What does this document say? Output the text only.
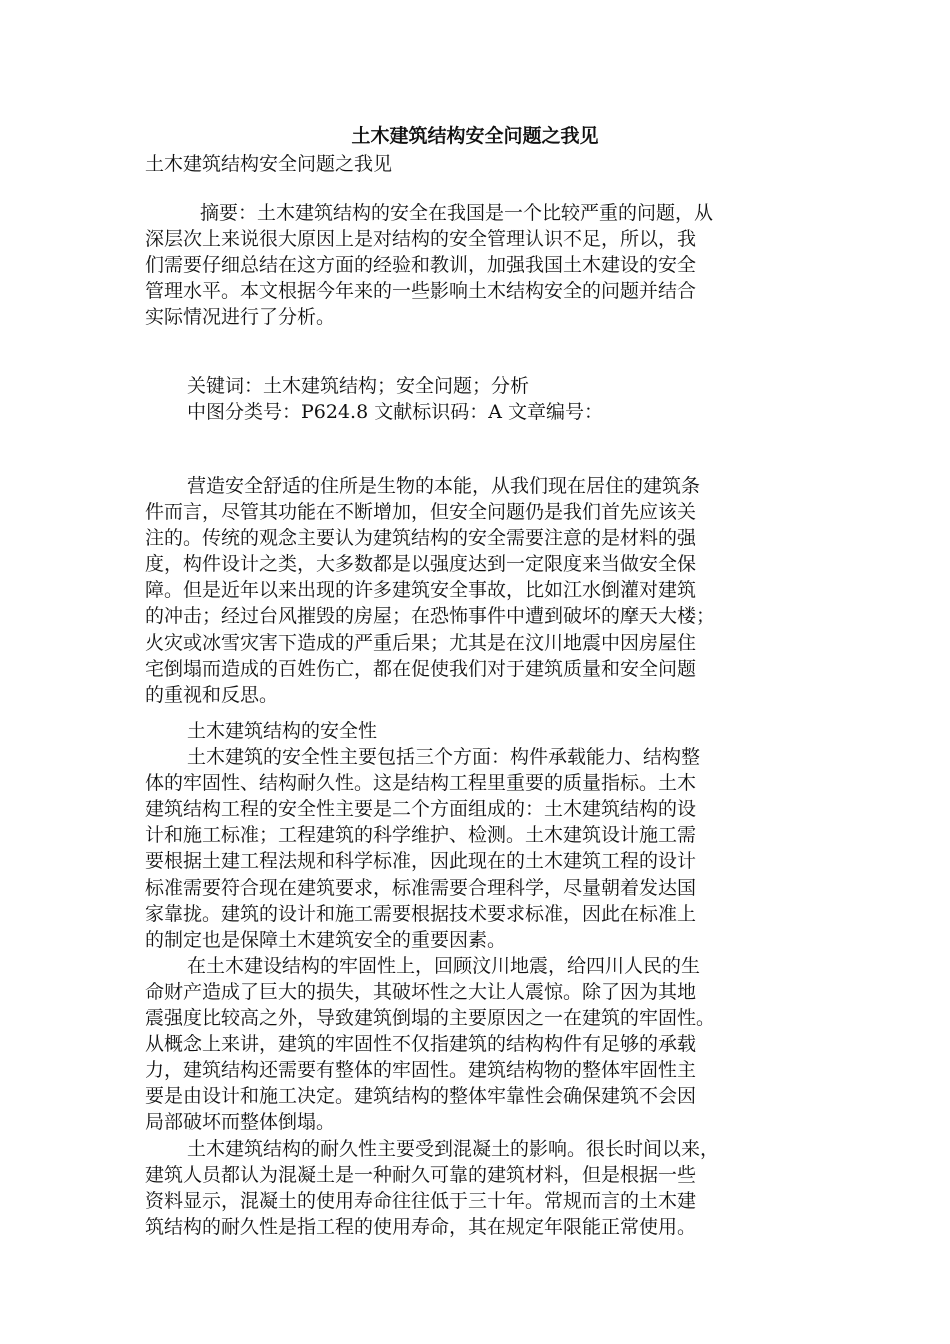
土木建筑结构安全问题之我见
土木建筑结构安全问题之我见
摘要：土木建筑结构的安全在我国是一个比较严重的问题，从
深层次上来说很大原因上是对结构的安全管理认识不足，所以，我
们需要仔细总结在这方面的经验和教训，加强我国土木建设的安全
管理水平。本文根据今年来的一些影响土木结构安全的问题并结合
实际情况进行了分析。
关键词：土木建筑结构；安全问题；分析
中图分类号：P624.8 文献标识码：A 文章编号：
营造安全舒适的住所是生物的本能，从我们现在居住的建筑条
件而言，尽管其功能在不断增加，但安全问题仍是我们首先应该关
注的。传统的观念主要认为建筑结构的安全需要注意的是材料的强
度，构件设计之类，大多数都是以强度达到一定限度来当做安全保
障。但是近年以来出现的许多建筑安全事故，比如江水倒灌对建筑
的冲击；经过台风摧毁的房屋；在恐怖事件中遭到破坏的摩天大楼；
火灾或冰雪灾害下造成的严重后果；尤其是在汶川地震中因房屋住
宅倒塌而造成的百姓伤亡，都在促使我们对于建筑质量和安全问题
的重视和反思。
土木建筑结构的安全性
土木建筑的安全性主要包括三个方面：构件承载能力、结构整
体的牢固性、结构耐久性。这是结构工程里重要的质量指标。土木
建筑结构工程的安全性主要是二个方面组成的：土木建筑结构的设
计和施工标准；工程建筑的科学维护、检测。土木建筑设计施工需
要根据土建工程法规和科学标准，因此现在的土木建筑工程的设计
标准需要符合现在建筑要求，标准需要合理科学，尽量朝着发达国
家靠拢。建筑的设计和施工需要根据技术要求标准，因此在标准上
的制定也是保障土木建筑安全的重要因素。
在土木建设结构的牢固性上，回顾汶川地震，给四川人民的生
命财产造成了巨大的损失，其破坏性之大让人震惊。除了因为其地
震强度比较高之外，导致建筑倒塌的主要原因之一在建筑的牢固性。
从概念上来讲，建筑的牢固性不仅指建筑的结构构件有足够的承载
力，建筑结构还需要有整体的牢固性。建筑结构物的整体牢固性主
要是由设计和施工决定。建筑结构的整体牢靠性会确保建筑不会因
局部破坏而整体倒塌。
土木建筑结构的耐久性主要受到混凝土的影响。很长时间以来，
建筑人员都认为混凝土是一种耐久可靠的建筑材料，但是根据一些
资料显示，混凝土的使用寿命往往低于三十年。常规而言的土木建
筑结构的耐久性是指工程的使用寿命，其在规定年限能正常使用。
